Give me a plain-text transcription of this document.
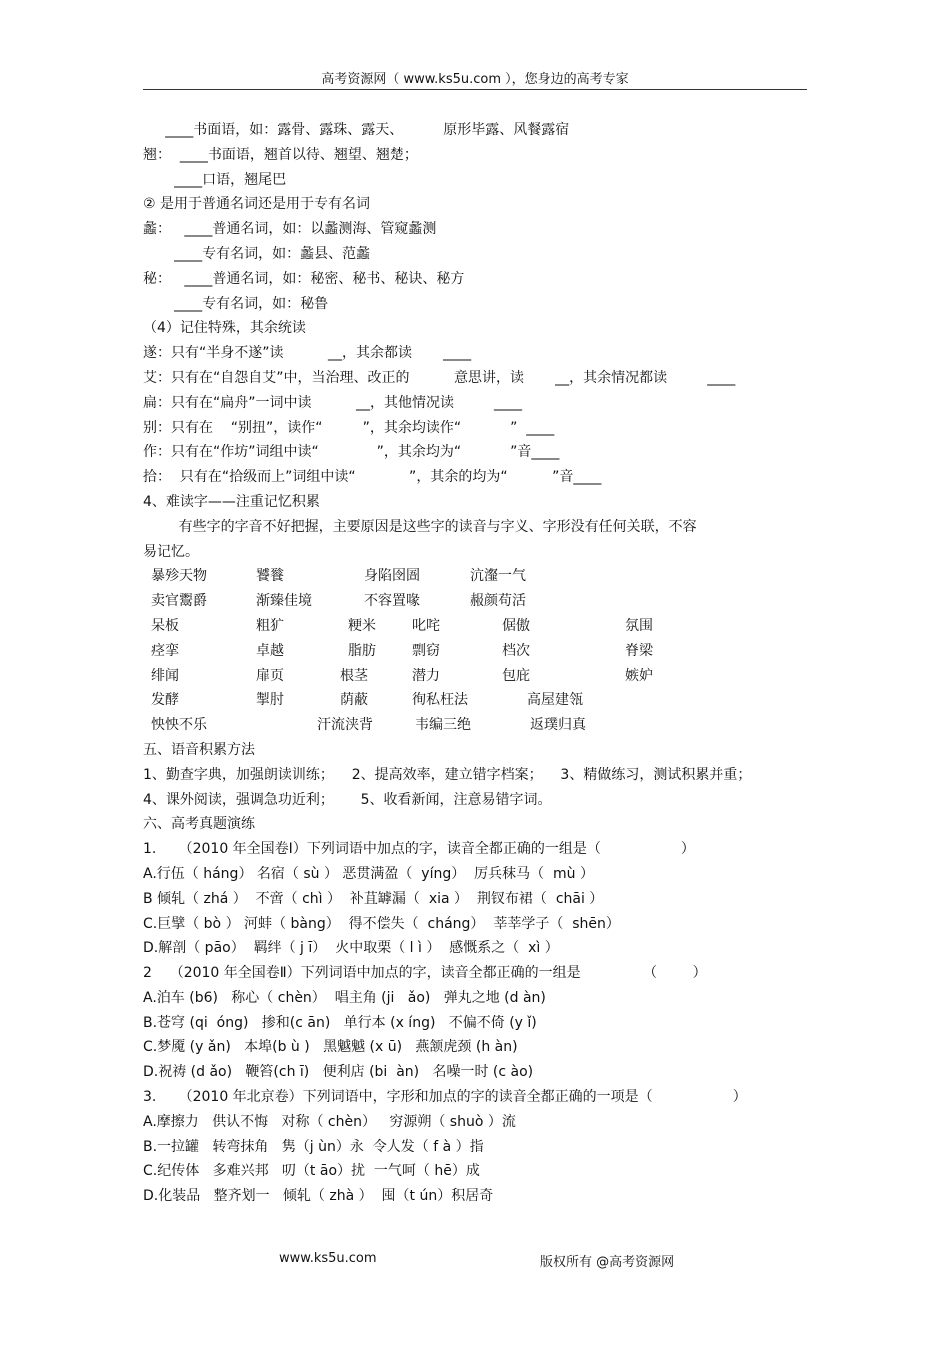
高考资源网（ www.ks5u.com ），您身边的高考专家
____书面语，如：露骨、露珠、露天、         原形毕露、风餐露宿
翘：  ____书面语，翘首以待、翘望、翘楚；
____口语，翘尾巴
② 是用于普通名词还是用于专有名词
蠡：   ____普通名词，如：以蠡测海、管窥蠡测
____专有名词，如：蠡县、范蠡
秘：   ____普通名词，如：秘密、秘书、秘诀、秘方
____专有名词，如：秘鲁
（4）记住特殊，其余统读
遂：只有“半身不遂”读          __，其余都读       ____
艾：只有在“自怨自艾”中，当治理、改正的          意思讲，读       __，其余情况都读         ____
扁：只有在“扁舟”一词中读          __，其他情况读         ____
别：只有在    “别扭”，读作“         ”，其余均读作“           ”  ____
作：只有在“作坊”词组中读“             ”，其余均为“           ”音____
拾：  只有在“拾级而上”词组中读“            ”，其余的均为“          ”音____
4、难读字——注重记忆积累
有些字的字音不好把握，主要原因是这些字的读音与字义、字形没有任何关联，不容
易记忆。
暴殄天物	饕餮	身陷囹圄	沆瀣一气
卖官鬻爵	渐臻佳境	不容置喙	赧颜苟活
呆板	粗犷	粳米	叱咤	倨傲	氛围
痉挛	卓越	脂肪	剽窃	档次	脊梁
绯闻	扉页	根茎	潜力	包庇	嫉妒
发酵	掣肘	荫蔽	徇私枉法	高屋建瓴
怏怏不乐	汗流浃背	韦编三绝	返璞归真
五、语音积累方法
1、勤查字典，加强朗读训练；    2、提高效率，建立错字档案；    3、精做练习，测试积累并重；
4、课外阅读，强调急功近利；      5、收看新闻，注意易错字词。
六、高考真题演练
1.     （2010 年全国卷Ⅰ）下列词语中加点的字，读音全都正确的一组是（                  ）
A.行伍（ háng） 名宿（ sù ） 恶贯满盈（  yíng）  厉兵秣马（  mù ）
B 倾轧（ zhá ）  不啻（ chì ）  补苴罅漏（  xia ）  荆钗布裙（  chāi ）
C.巨擘（ bò ） 河蚌（ bàng）  得不偿失（  cháng）  莘莘学子（  shēn）
D.解剖（ pāo）  羁绊（ j ī）  火中取栗（ l ì ）  感慨系之（  xì ）
2    （2010 年全国卷Ⅱ）下列词语中加点的字，读音全都正确的一组是              （        ）
A.泊车 (b6)   称心（ chèn）  唱主角 (ji   ǎo)   弹丸之地 (d àn)
B.苍穹 (qi  óng)   掺和(c ān)   单行本 (x íng)   不偏不倚 (y ǐ)
C.梦魇 (y ǎn)   本埠(b ù )   黑魆魆 (x ū)   燕颔虎颈 (h àn)
D.祝祷 (d ǎo)   鞭笞(ch ī)   便利店 (bi  àn)   名噪一时 (c ào)
3.     （2010 年北京卷）下列词语中，字形和加点的字的读音全都正确的一项是（                  ）
A.摩擦力   供认不悔   对称（ chèn）   穷源朔（ shuò ）流
B.一拉罐   转弯抹角   隽（j ùn）永  令人发（ f à ）指
C.纪传体   多难兴邦   叨（t āo）扰  一气呵（ hē）成
D.化装品   整齐划一   倾轧（ zhà ）  囤（t ún）积居奇
www.ks5u.com	版权所有 @高考资源网
